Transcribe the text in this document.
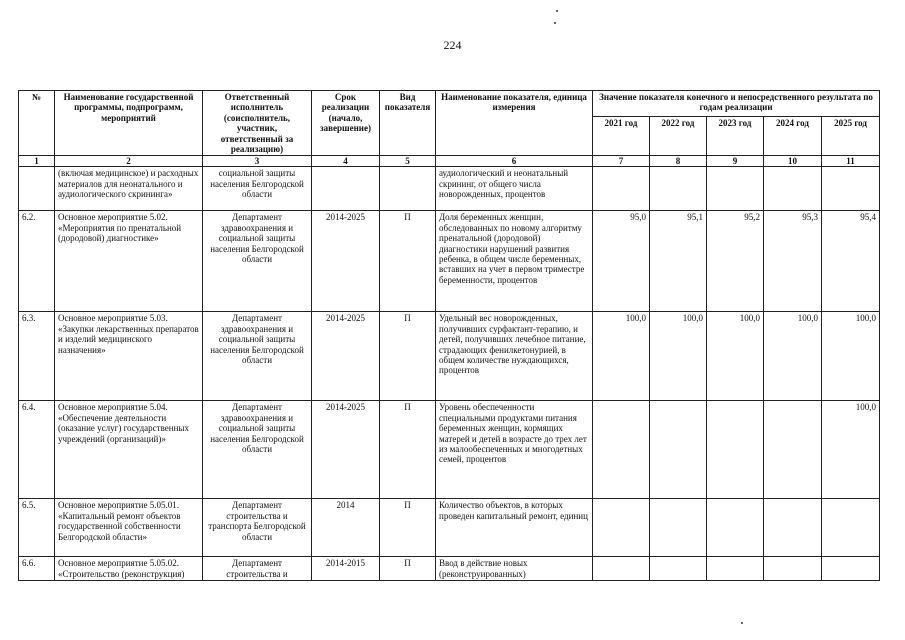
224
№	Наименование государственной программы, подпрограмм, мероприятий	Ответственный исполнитель (соисполнитель, участник, ответственный за реализацию)	Срок реализации (начало, завершение)	Вид показателя	Наименование показателя, единица измерения	Значение показателя конечного и непосредственного результата по годам реализации				
						2021 год	2022 год	2023 год	2024 год	2025 год
1	2	3	4	5	6	7	8	9	10	11
	(включая медицинское) и расходных материалов для неонатального и аудиологического скрининга»	социальной защиты населения Белгородской области			аудиологический и неонатальный скрининг, от общего числа новорожденных, процентов					
6.2.	Основное мероприятие 5.02. «Мероприятия по пренатальной (дородовой) диагностике»	Департамент здравоохранения и социальной защиты населения Белгородской области	2014-2025	П	Доля беременных женщин, обследованных по новому алгоритму пренатальной (дородовой) диагностики нарушений развития ребенка, в общем числе беременных, вставших на учет в первом триместре беременности, процентов	95,0	95,1	95,2	95,3	95,4
6.3.	Основное мероприятие 5.03. «Закупки лекарственных препаратов и изделий медицинского назначения»	Департамент здравоохранения и социальной защиты населения Белгородской области	2014-2025	П	Удельный вес новорожденных, получивших сурфактант-терапию, и детей, получивших лечебное питание, страдающих фенилкетонурией, в общем количестве нуждающихся, процентов	100,0	100,0	100,0	100,0	100,0
6.4.	Основное мероприятие 5.04. «Обеспечение деятельности (оказание услуг) государственных учреждений (организаций)»	Департамент здравоохранения и социальной защиты населения Белгородской области	2014-2025	П	Уровень обеспеченности специальными продуктами питания беременных женщин, кормящих матерей и детей в возрасте до трех лет из малообеспеченных и многодетных семей, процентов					100,0
6.5.	Основное мероприятие 5.05.01. «Капитальный ремонт объектов государственной собственности Белгородской области»	Департамент строительства и транспорта Белгородской области	2014	П	Количество объектов, в которых проведен капитальный ремонт, единиц					
6.6.	Основное мероприятие 5.05.02. «Строительство (реконструкция)	Департамент строительства и	2014-2015	П	Ввод в действие новых (реконструированных)					
